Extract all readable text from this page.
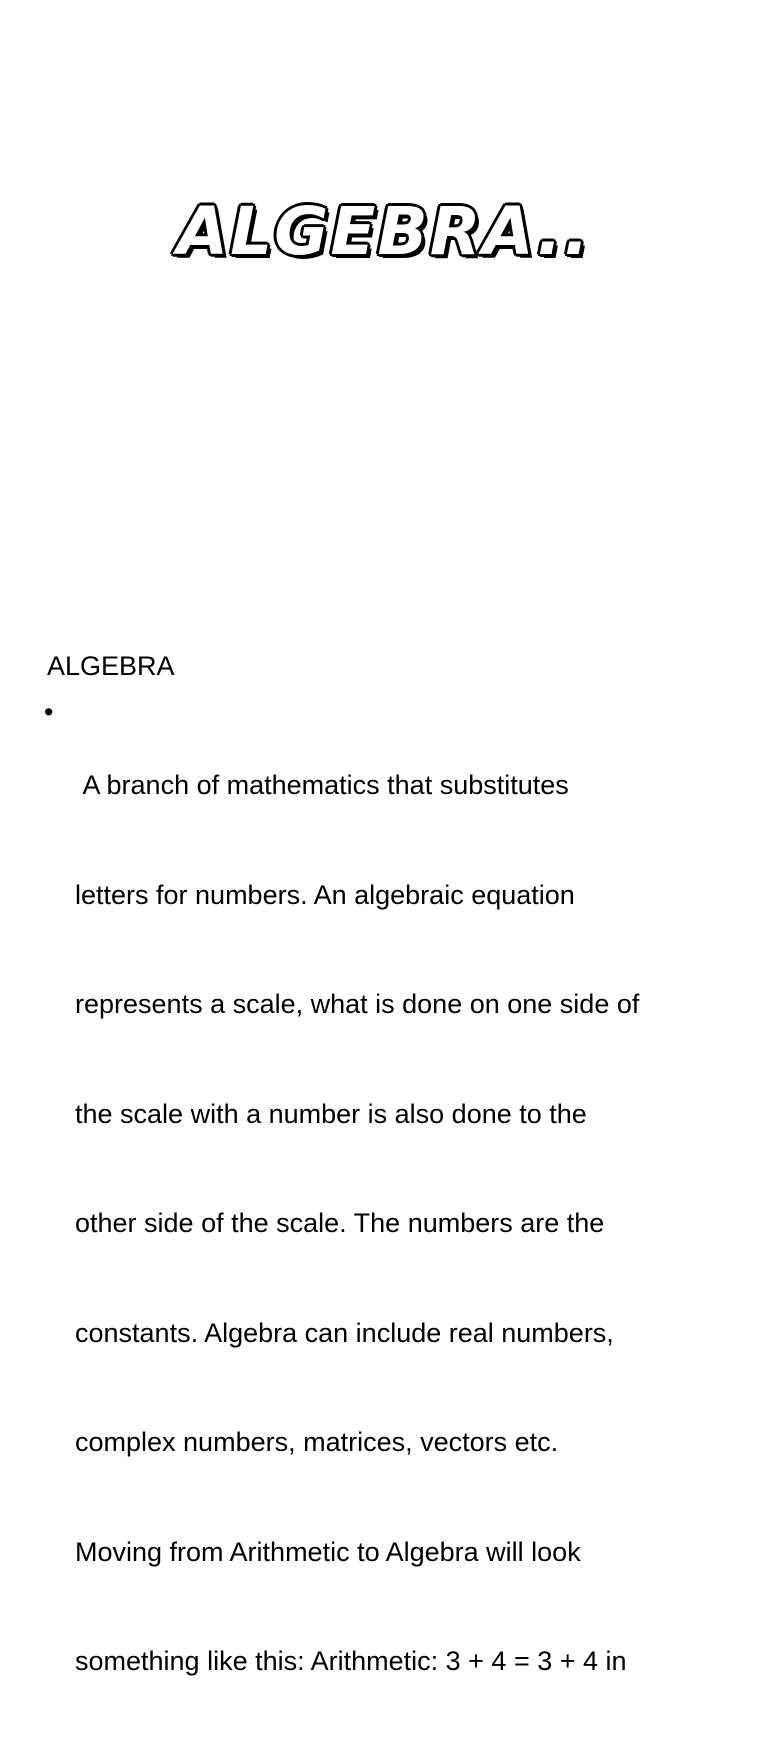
ALGEBRA..
ALGEBRA
•

A branch of mathematics that substitutes

letters for numbers. An algebraic equation

represents a scale, what is done on one side of

the scale with a number is also done to the

other side of the scale. The numbers are the

constants. Algebra can include real numbers,

complex numbers, matrices, vectors etc.

Moving from Arithmetic to Algebra will look

something like this: Arithmetic: 3 + 4 = 3 + 4 in
